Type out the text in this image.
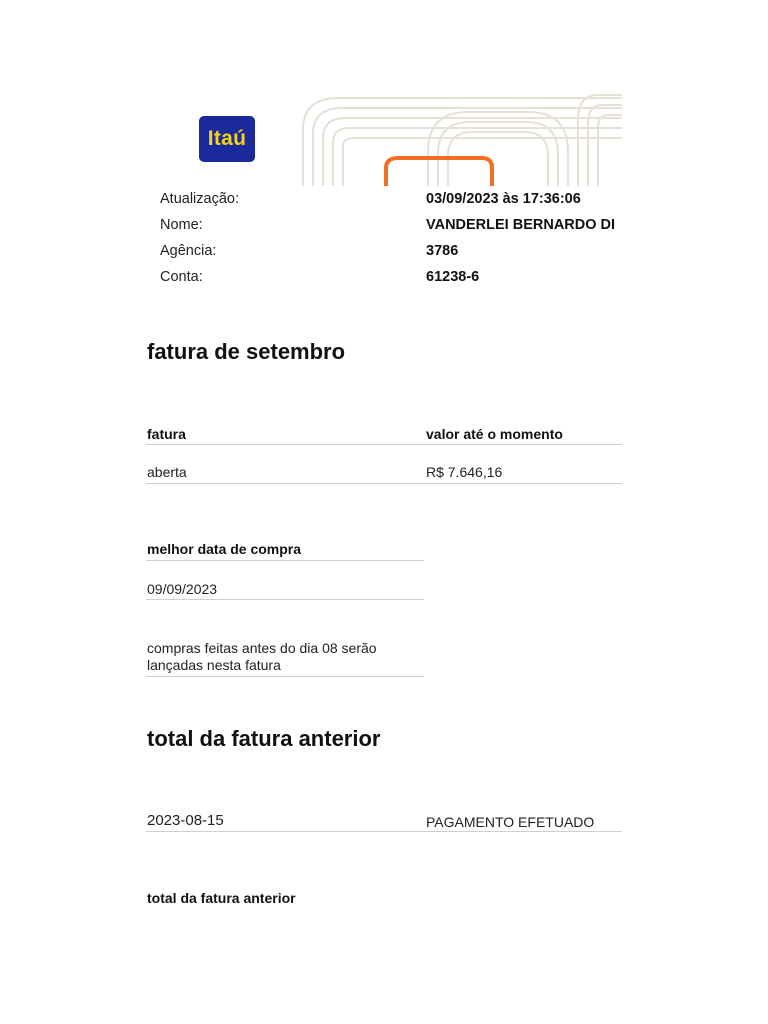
Itaú
Atualização:	03/09/2023 às 17:36:06
Nome:	VANDERLEI BERNARDO DI
Agência:	3786
Conta:	61238-6
fatura de setembro
fatura	valor até o momento
aberta	R$ 7.646,16
melhor data de compra
09/09/2023
compras feitas antes do dia 08 serão lançadas nesta fatura
total da fatura anterior
2023-08-15	PAGAMENTO EFETUADO
total da fatura anterior
